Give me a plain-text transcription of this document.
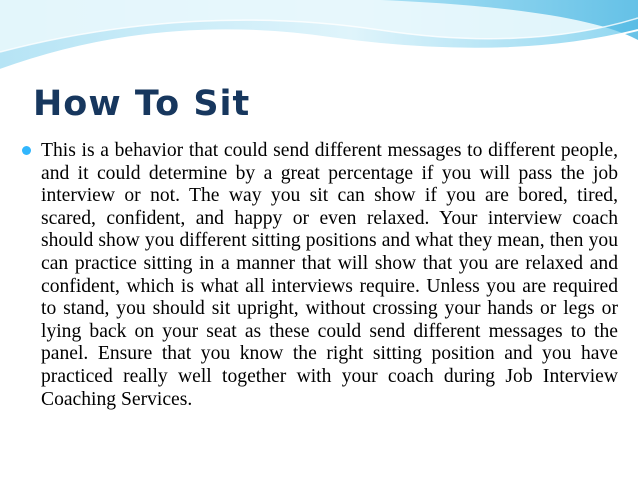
How To Sit

This is a behavior that could send different messages to different people, and it could determine by a great percentage if you will pass the job interview or not. The way you sit can show if you are bored, tired, scared, confident, and happy or even relaxed. Your interview coach should show you different sitting positions and what they mean, then you can practice sitting in a manner that will show that you are relaxed and confident, which is what all interviews require. Unless you are required to stand, you should sit upright, without crossing your hands or legs or lying back on your seat as these could send different messages to the panel. Ensure that you know the right sitting position and you have practiced really well together with your coach during Job Interview Coaching Services.
